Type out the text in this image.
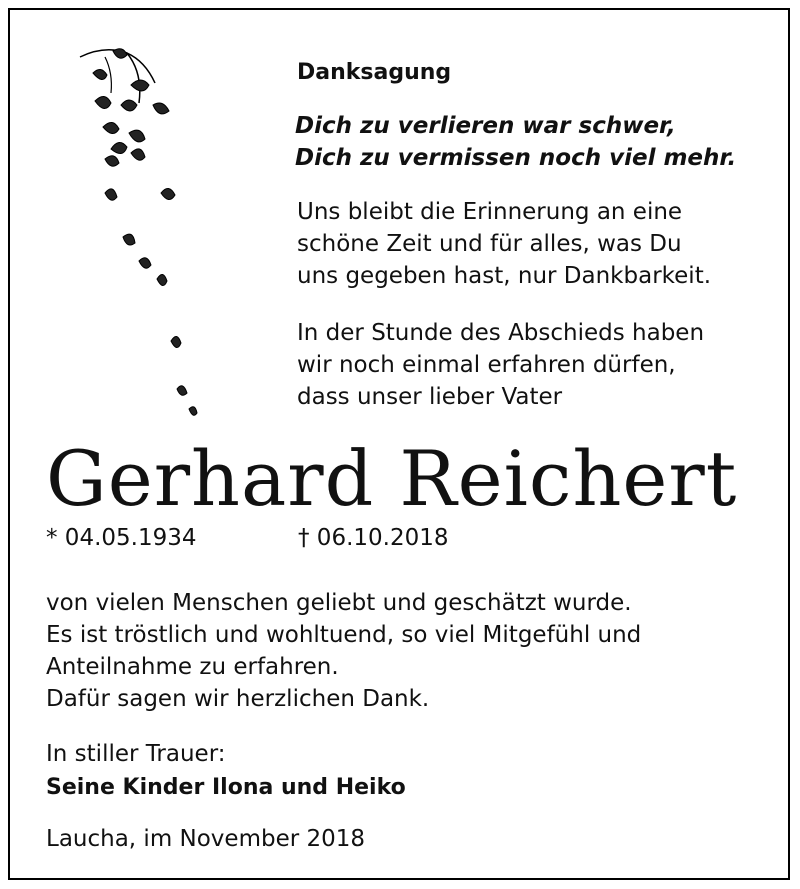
Danksagung
Dich zu verlieren war schwer,
Dich zu vermissen noch viel mehr.
Uns bleibt die Erinnerung an eine
schöne Zeit und für alles, was Du
uns gegeben hast, nur Dankbarkeit.
In der Stunde des Abschieds haben
wir noch einmal erfahren dürfen,
dass unser lieber Vater
Gerhard Reichert
* 04.05.1934	† 06.10.2018
von vielen Menschen geliebt und geschätzt wurde.
Es ist tröstlich und wohltuend, so viel Mitgefühl und
Anteilnahme zu erfahren.
Dafür sagen wir herzlichen Dank.
In stiller Trauer:
Seine Kinder Ilona und Heiko
Laucha, im November 2018
